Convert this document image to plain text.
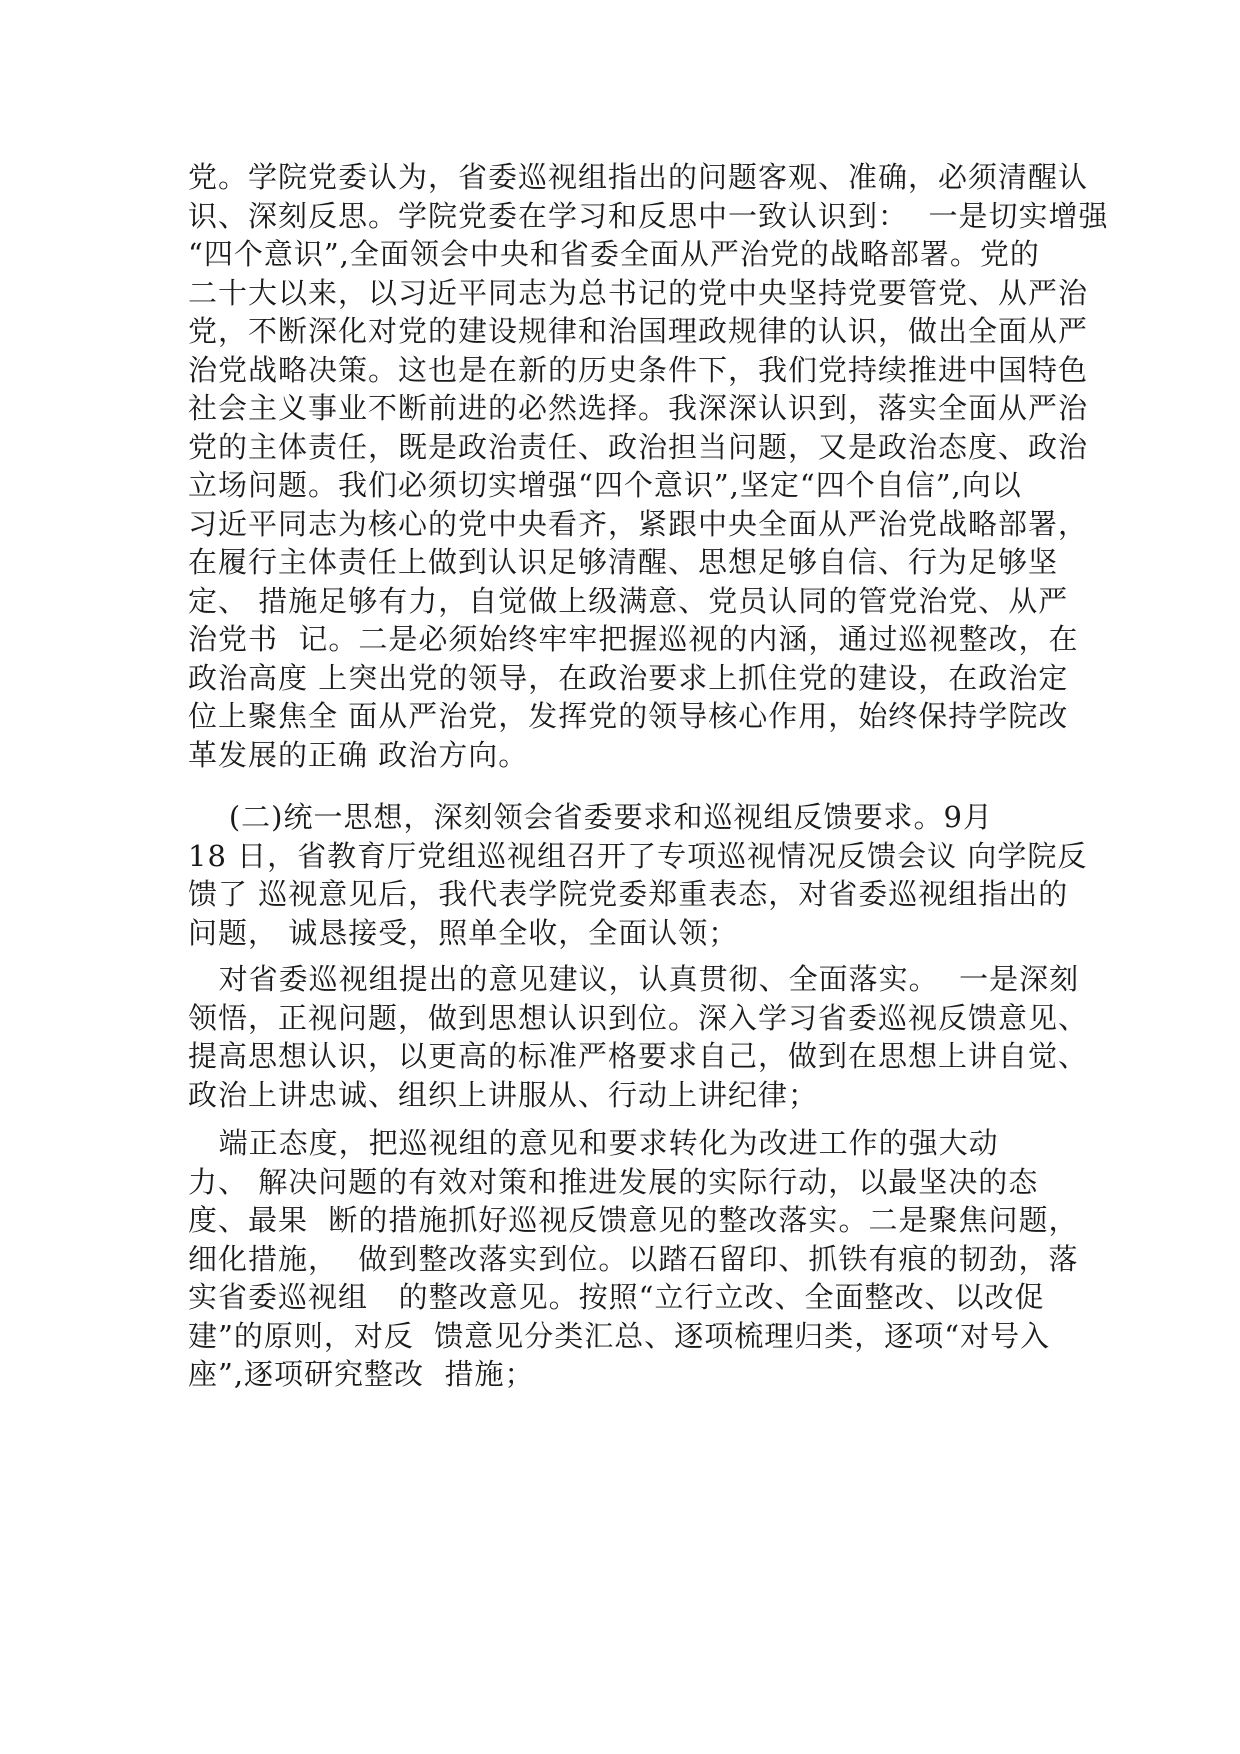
党。学院党委认为，省委巡视组指出的问题客观、准确，必须清醒认
识、深刻反思。学院党委在学习和反思中一致认识到：  一是切实增强
“四个意识”,全面领会中央和省委全面从严治党的战略部署。党的
二十大以来，以习近平同志为总书记的党中央坚持党要管党、从严治
党，不断深化对党的建设规律和治国理政规律的认识，做出全面从严
治党战略决策。这也是在新的历史条件下，我们党持续推进中国特色
社会主义事业不断前进的必然选择。我深深认识到，落实全面从严治
党的主体责任，既是政治责任、政治担当问题，又是政治态度、政治
立场问题。我们必须切实增强“四个意识”,坚定“四个自信”,向以
习近平同志为核心的党中央看齐，紧跟中央全面从严治党战略部署，
在履行主体责任上做到认识足够清醒、思想足够自信、行为足够坚
定、 措施足够有力，自觉做上级满意、党员认同的管党治党、从严
治党书  记。二是必须始终牢牢把握巡视的内涵，通过巡视整改，在
政治高度 上突出党的领导，在政治要求上抓住党的建设，在政治定
位上聚焦全 面从严治党，发挥党的领导核心作用，始终保持学院改
革发展的正确 政治方向。
(二)统一思想，深刻领会省委要求和巡视组反馈要求。9月
18 日，省教育厅党组巡视组召开了专项巡视情况反馈会议 向学院反
馈了 巡视意见后，我代表学院党委郑重表态，对省委巡视组指出的
问题， 诚恳接受，照单全收，全面认领；
对省委巡视组提出的意见建议，认真贯彻、全面落实。  一是深刻
领悟，正视问题，做到思想认识到位。深入学习省委巡视反馈意见、
提高思想认识，以更高的标准严格要求自己，做到在思想上讲自觉、
政治上讲忠诚、组织上讲服从、行动上讲纪律；
端正态度，把巡视组的意见和要求转化为改进工作的强大动
力、 解决问题的有效对策和推进发展的实际行动，以最坚决的态
度、最果  断的措施抓好巡视反馈意见的整改落实。二是聚焦问题，
细化措施，  做到整改落实到位。以踏石留印、抓铁有痕的韧劲，落
实省委巡视组   的整改意见。按照“立行立改、全面整改、以改促
建”的原则，对反  馈意见分类汇总、逐项梳理归类，逐项“对号入
座”,逐项研究整改  措施；
